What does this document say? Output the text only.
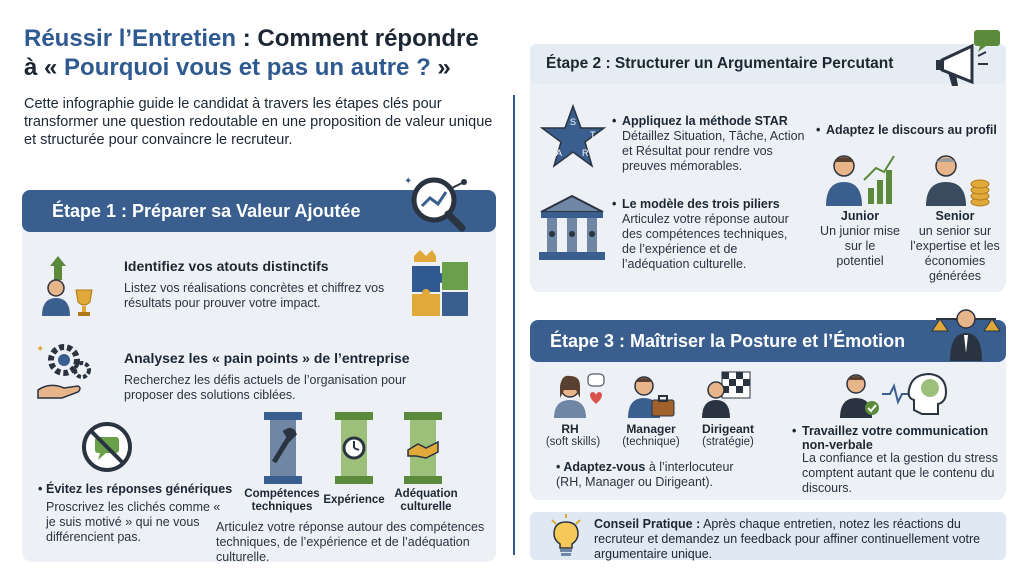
Réussir l’Entretien : Comment répondre
à « Pourquoi vous et pas un autre ? »
Cette infographie guide le candidat à travers les étapes clés pour transformer une question redoutable en une proposition de valeur unique et structurée pour convaincre le recruteur.
Étape 1 : Préparer sa Valeur Ajoutée
✦
Identifiez vos atouts distinctifs
Listez vos réalisations concrètes et chiffrez vos résultats pour prouver votre impact.
✦
Analysez les « pain points » de l’entreprise
Recherchez les défis actuels de l’organisation pour proposer des solutions ciblées.
• Évitez les réponses génériques
Proscrivez les clichés comme « je suis motivé » qui ne vous différencient pas.
Compétences techniques
Expérience Adéquation culturelle
Articulez votre réponse autour des compétences techniques, de l’expérience et de l’adéquation culturelle.
Étape 2 : Structurer un Argumentaire Percutant
S
T
A R
• Appliquez la méthode STAR
Détaillez Situation, Tâche, Action et Résultat pour rendre vos preuves mémorables.
• Le modèle des trois piliers
Articulez votre réponse autour des compétences techniques, de l’expérience et de l’adéquation culturelle.
• Adaptez le discours au profil
Junior
Un junior mise sur le potentiel
Senior
un senior sur l’expertise et les économies générées
Étape 3 : Maîtriser la Posture et l’Émotion
RH
(soft skills)
Manager
(technique)
Dirigeant
(stratégie)
• Adaptez-vous à l’interlocuteur (RH, Manager ou Dirigeant).
• Travaillez votre communication non-verbale
La confiance et la gestion du stress comptent autant que le contenu du discours.
Conseil Pratique : Après chaque entretien, notez les réactions du recruteur et demandez un feedback pour affiner continuellement votre argumentaire unique.
